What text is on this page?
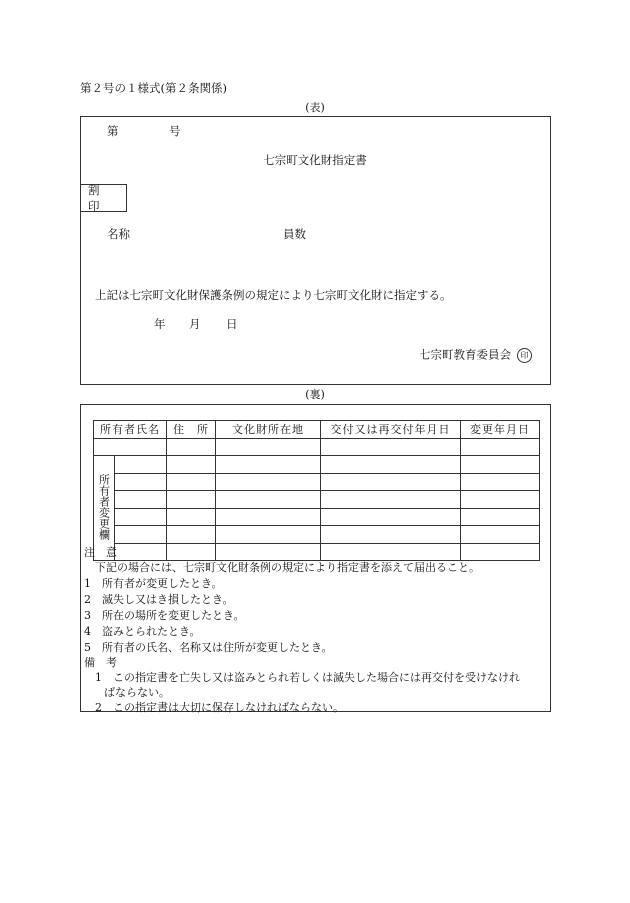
第２号の１様式(第２条関係)
(表)
第	号
七宗町文化財指定書
割 印
名称	員数
上記は七宗町文化財保護条例の規定により七宗町文化財に指定する。
年 月 日
七宗町教育委員会 印
(裏)
所有者氏名		住　所	文化財所在地	交付又は再交付年月日	変更年月日

所有者変更欄					

注　意
下記の場合には、七宗町文化財条例の規定により指定書を添えて届出ること。
1　所有者が変更したとき。
2　滅失し又はき損したとき。
3　所在の場所を変更したとき。
4　盗みとられたとき。
5　所有者の氏名、名称又は住所が変更したとき。
備　考
1　この指定書を亡失し又は盗みとられ若しくは滅失した場合には再交付を受けなけれ
ばならない。
2　この指定書は大切に保存しなければならない。
